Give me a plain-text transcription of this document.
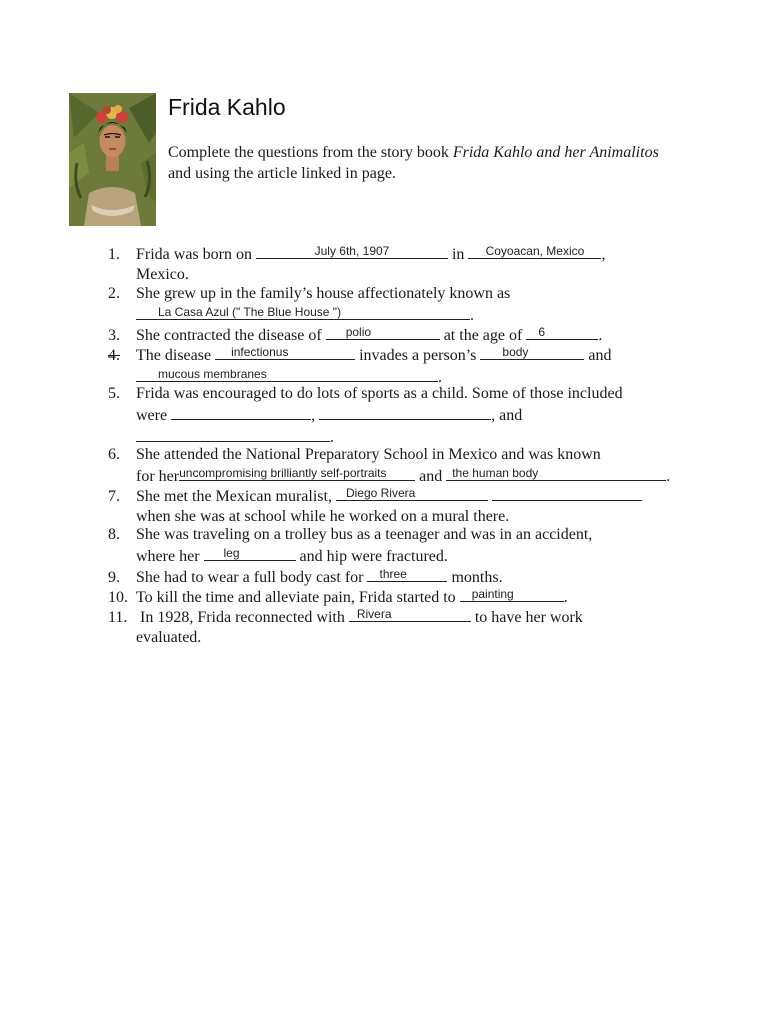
Frida Kahlo
Complete the questions from the story book Frida Kahlo and her Animalitos and using the article linked in page.
1. Frida was born on	July 6th, 1907	in	Coyoacan, Mexico	,
Mexico.
2. She grew up in the family’s house affectionately known as
La Casa Azul (" The Blue House ")	.
3. She contracted the disease of	polio	at the age of	6	.
4. The disease	infectionus	invades a person’s	body	and
mucous membranes	.
5. Frida was encouraged to do lots of sports as a child. Some of those included
were	,	, and
.
6. She attended the National Preparatory School in Mexico and was known
for her uncompromising brilliantly self-portraits	and the human body	.
7. She met the Mexican muralist, Diego Rivera

when she was at school while he worked on a mural there.
8. She was traveling on a trolley bus as a teenager and was in an accident,
where her	leg	and hip were fractured.
9. She had to wear a full body cast for	three	months.
10. To kill the time and alleviate pain, Frida started to	painting	.
11. In 1928, Frida reconnected with Rivera	to have her work
evaluated.
